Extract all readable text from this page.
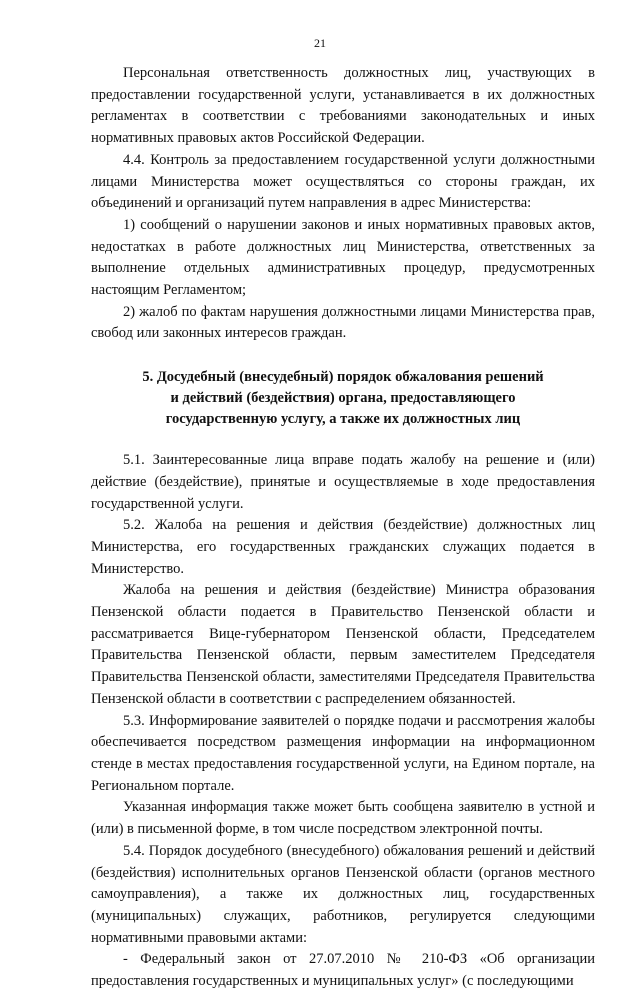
21

Персональная ответственность должностных лиц, участвующих в предоставлении государственной услуги, устанавливается в их должностных регламентах в соответствии с требованиями законодательных и иных нормативных правовых актов Российской Федерации.

4.4. Контроль за предоставлением государственной услуги должностными лицами Министерства может осуществляться со стороны граждан, их объединений и организаций путем направления в адрес Министерства:

1) сообщений о нарушении законов и иных нормативных правовых актов, недостатках в работе должностных лиц Министерства, ответственных за выполнение отдельных административных процедур, предусмотренных настоящим Регламентом;

2) жалоб по фактам нарушения должностными лицами Министерства прав, свобод или законных интересов граждан.

5. Досудебный (внесудебный) порядок обжалования решений
и действий (бездействия) органа, предоставляющего
государственную услугу, а также их должностных лиц

5.1. Заинтересованные лица вправе подать жалобу на решение и (или) действие (бездействие), принятые и осуществляемые в ходе предоставления государственной услуги.

5.2. Жалоба на решения и действия (бездействие) должностных лиц Министерства, его государственных гражданских служащих подается в Министерство.

Жалоба на решения и действия (бездействие) Министра образования Пензенской области подается в Правительство Пензенской области и рассматривается Вице-губернатором Пензенской области, Председателем Правительства Пензенской области, первым заместителем Председателя Правительства Пензенской области, заместителями Председателя Правительства Пензенской области в соответствии с распределением обязанностей.

5.3. Информирование заявителей о порядке подачи и рассмотрения жалобы обеспечивается посредством размещения информации на информационном стенде в местах предоставления государственной услуги, на Едином портале, на Региональном портале.

Указанная информация также может быть сообщена заявителю в устной и (или) в письменной форме, в том числе посредством электронной почты.

5.4. Порядок досудебного (внесудебного) обжалования решений и действий (бездействия) исполнительных органов Пензенской области (органов местного самоуправления), а также их должностных лиц, государственных (муниципальных) служащих, работников, регулируется следующими нормативными правовыми актами:

- Федеральный закон от 27.07.2010 № 210-ФЗ «Об организации предоставления государственных и муниципальных услуг» (с последующими
